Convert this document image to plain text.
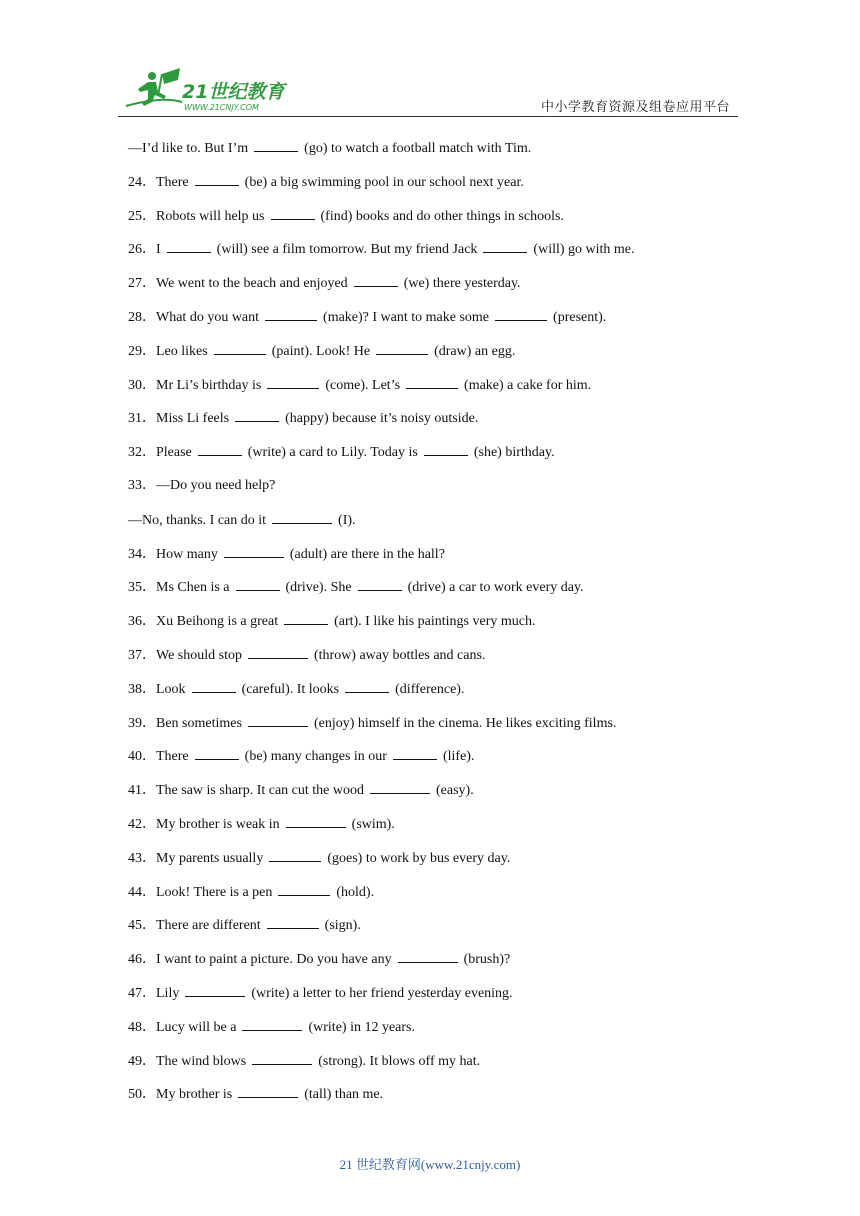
21世纪教育
WWW.21CNJY.COM	中小学教育资源及组卷应用平台
—I’d like to. But I’m	(go) to watch a football match with Tim.
24．There	(be) a big swimming pool in our school next year.
25．Robots will help us	(find) books and do other things in schools.
26．I	(will) see a film tomorrow. But my friend Jack	(will) go with me.
27．We went to the beach and enjoyed	(we) there yesterday.
28．What do you want	(make)? I want to make some	(present).
29．Leo likes	(paint). Look! He	(draw) an egg.
30．Mr Li’s birthday is	(come). Let’s	(make) a cake for him.
31．Miss Li feels	(happy) because it’s noisy outside.
32．Please	(write) a card to Lily. Today is	(she) birthday.
33．—Do you need help?
—No, thanks. I can do it	(I).
34．How many	(adult) are there in the hall?
35．Ms Chen is a	(drive). She	(drive) a car to work every day.
36．Xu Beihong is a great	(art). I like his paintings very much.
37．We should stop	(throw) away bottles and cans.
38．Look	(careful). It looks	(difference).
39．Ben sometimes	(enjoy) himself in the cinema. He likes exciting films.
40．There	(be) many changes in our	(life).
41．The saw is sharp. It can cut the wood	(easy).
42．My brother is weak in	(swim).
43．My parents usually	(goes) to work by bus every day.
44．Look! There is a pen	(hold).
45．There are different	(sign).
46．I want to paint a picture. Do you have any	(brush)?
47．Lily	(write) a letter to her friend yesterday evening.
48．Lucy will be a	(write) in 12 years.
49．The wind blows	(strong). It blows off my hat.
50．My brother is	(tall) than me.
21 世纪教育网(www.21cnjy.com)
